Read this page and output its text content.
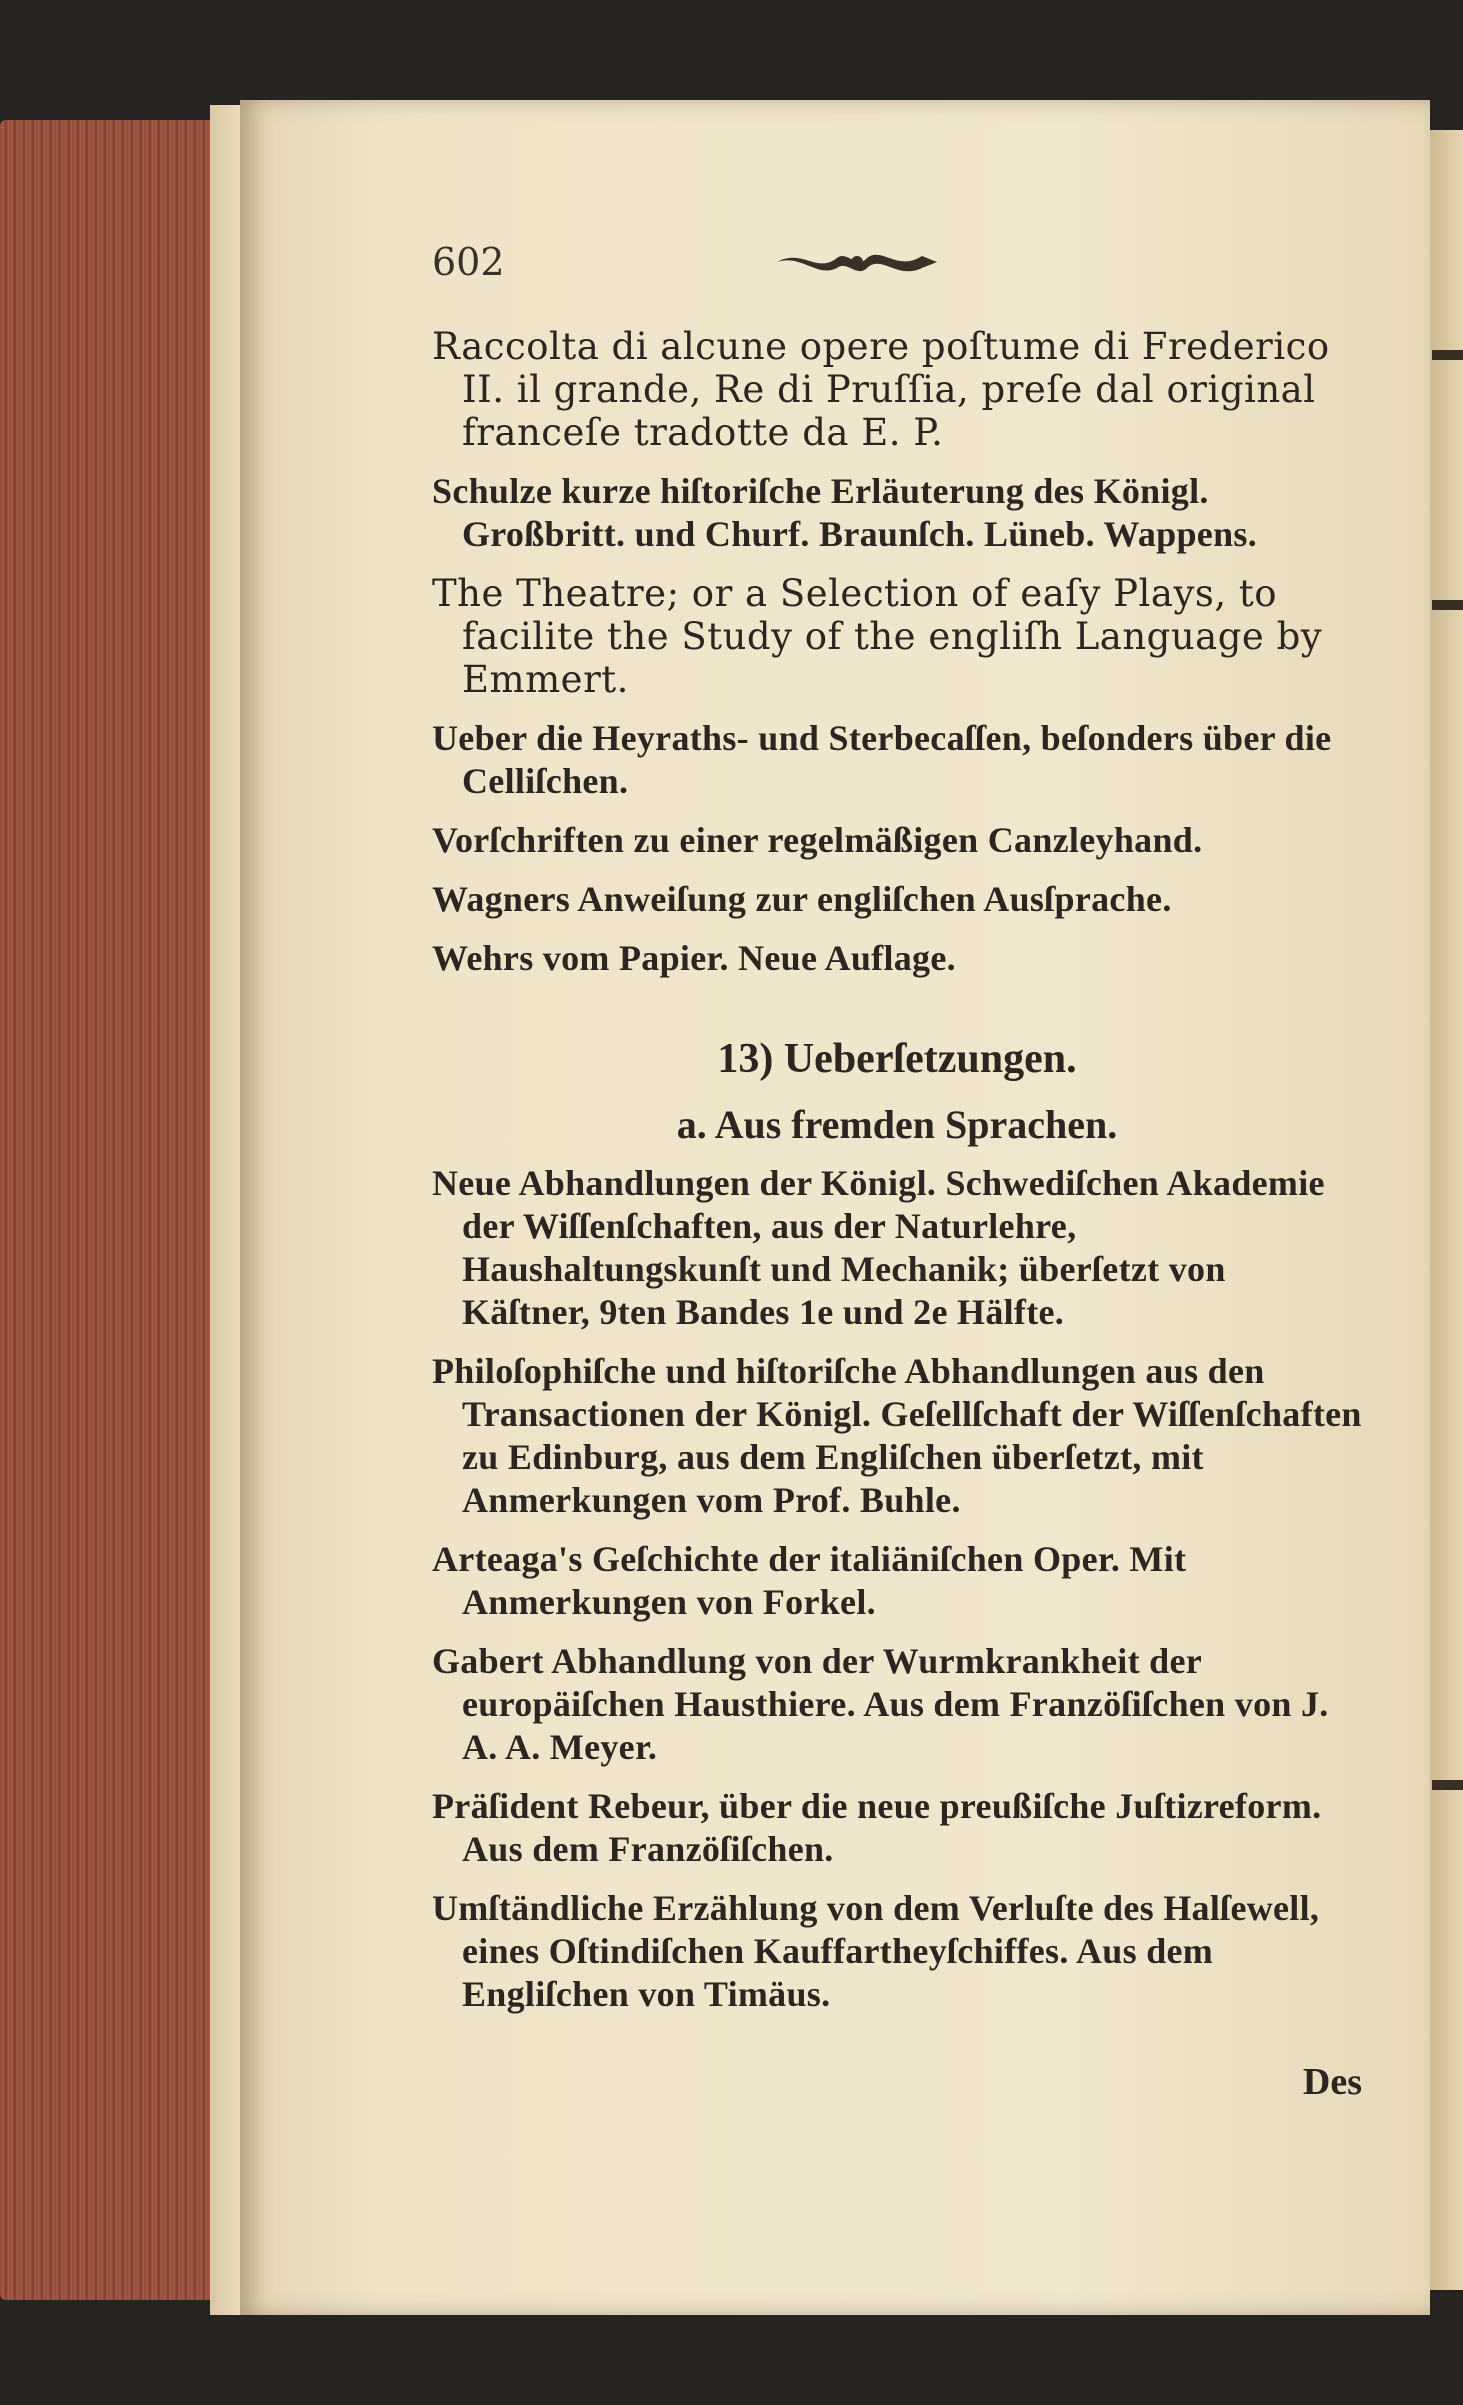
602
Raccolta di alcune opere poſtume di Frederico II. il grande, Re di Pruſſia, preſe dal original franceſe tradotte da E. P.
Schulze kurze hiſtoriſche Erläuterung des Königl. Großbritt. und Churf. Braunſch. Lüneb. Wappens.
The Theatre; or a Selection of eaſy Plays, to facilite the Study of the engliſh Language by Emmert.
Ueber die Heyraths- und Sterbecaſſen, beſonders über die Celliſchen.
Vorſchriften zu einer regelmäßigen Canzleyhand.
Wagners Anweiſung zur engliſchen Ausſprache.
Wehrs vom Papier. Neue Auflage.
13) Ueberſetzungen.
a. Aus fremden Sprachen.
Neue Abhandlungen der Königl. Schwediſchen Akademie der Wiſſenſchaften, aus der Naturlehre, Haushaltungskunſt und Mechanik; überſetzt von Käſtner, 9ten Bandes 1e und 2e Hälfte.
Philoſophiſche und hiſtoriſche Abhandlungen aus den Transactionen der Königl. Geſellſchaft der Wiſſenſchaften zu Edinburg, aus dem Engliſchen überſetzt, mit Anmerkungen vom Prof. Buhle.
Arteaga's Geſchichte der italiäniſchen Oper. Mit Anmerkungen von Forkel.
Gabert Abhandlung von der Wurmkrankheit der europäiſchen Hausthiere. Aus dem Franzöſiſchen von J. A. A. Meyer.
Präſident Rebeur, über die neue preußiſche Juſtizreform. Aus dem Franzöſiſchen.
Umſtändliche Erzählung von dem Verluſte des Halſewell, eines Oſtindiſchen Kauffartheyſchiffes. Aus dem Engliſchen von Timäus.
Des
